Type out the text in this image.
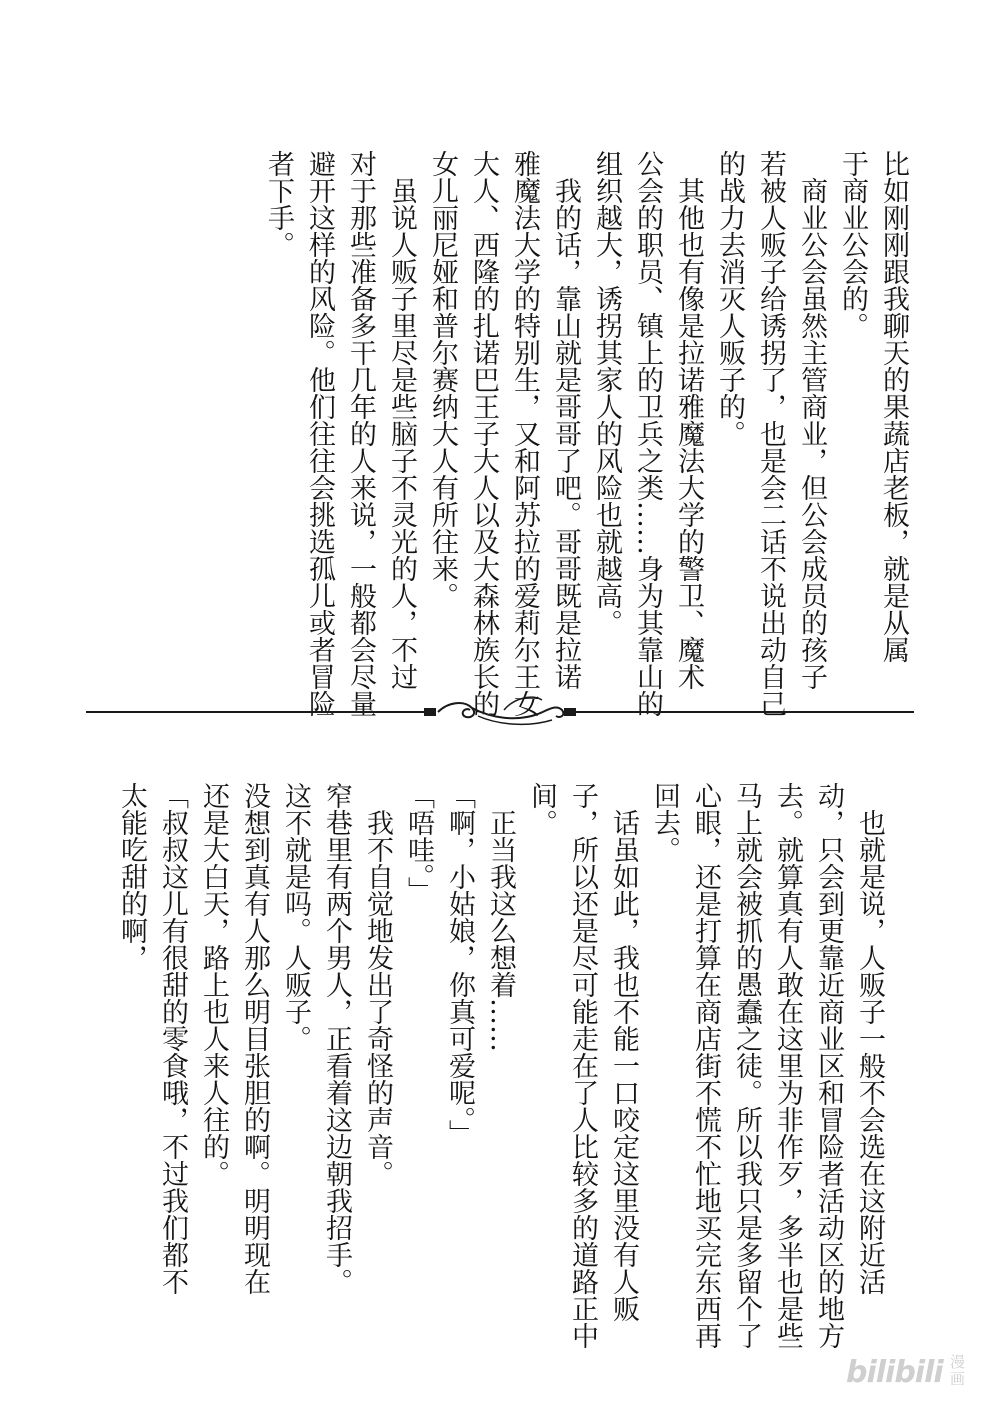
比如刚刚跟我聊天的果蔬店老板，就是从属

于商业公会的。

　商业公会虽然主管商业，但公会成员的孩子

若被人贩子给诱拐了，也是会二话不说出动自己

的战力去消灭人贩子的。

　其他也有像是拉诺雅魔法大学的警卫、魔术

公会的职员、镇上的卫兵之类……身为其靠山的

组织越大，诱拐其家人的风险也就越高。

　我的话，靠山就是哥哥了吧。哥哥既是拉诺

雅魔法大学的特别生，又和阿苏拉的爱莉尔王女

大人、西隆的扎诺巴王子大人以及大森林族长的

女儿丽尼娅和普尔赛纳大人有所往来。

　虽说人贩子里尽是些脑子不灵光的人，不过

对于那些准备多干几年的人来说，一般都会尽量

避开这样的风险。他们往往会挑选孤儿或者冒险

者下手。

　也就是说，人贩子一般不会选在这附近活

动，只会到更靠近商业区和冒险者活动区的地方

去。就算真有人敢在这里为非作歹，多半也是些

马上就会被抓的愚蠢之徒。所以我只是多留个了

心眼，还是打算在商店街不慌不忙地买完东西再

回去。

　话虽如此，我也不能一口咬定这里没有人贩

子，所以还是尽可能走在了人比较多的道路正中

间。

　正当我这么想着……

「啊，小姑娘，你真可爱呢。」

「唔哇。」

　我不自觉地发出了奇怪的声音。

窄巷里有两个男人，正看着这边朝我招手。

这不就是吗。人贩子。

没想到真有人那么明目张胆的啊。明明现在

还是大白天，路上也人来人往的。

「叔叔这儿有很甜的零食哦，不过我们都不

太能吃甜的啊，

bilibili 漫画
